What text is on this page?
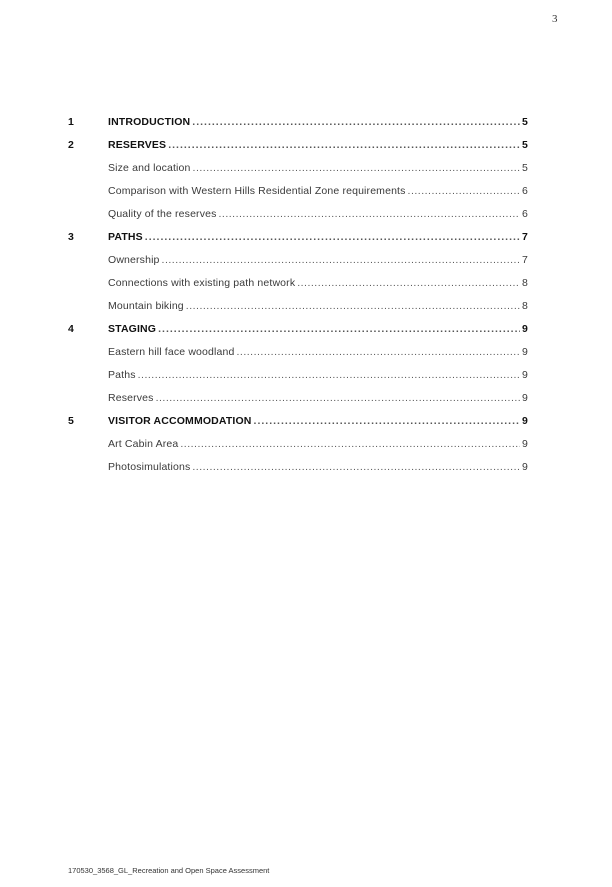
3
1	INTRODUCTION .....	5
2	RESERVES .....	5
Size and location .....	5
Comparison with Western Hills Residential Zone requirements .....	6
Quality of the reserves .....	6
3	PATHS .....	7
Ownership .....	7
Connections with existing path network .....	8
Mountain biking .....	8
4	STAGING .....	9
Eastern hill face woodland .....	9
Paths .....	9
Reserves .....	9
5	VISITOR ACCOMMODATION .....	9
Art Cabin Area .....	9
Photosimulations .....	9
170530_3568_GL_Recreation and Open Space Assessment
